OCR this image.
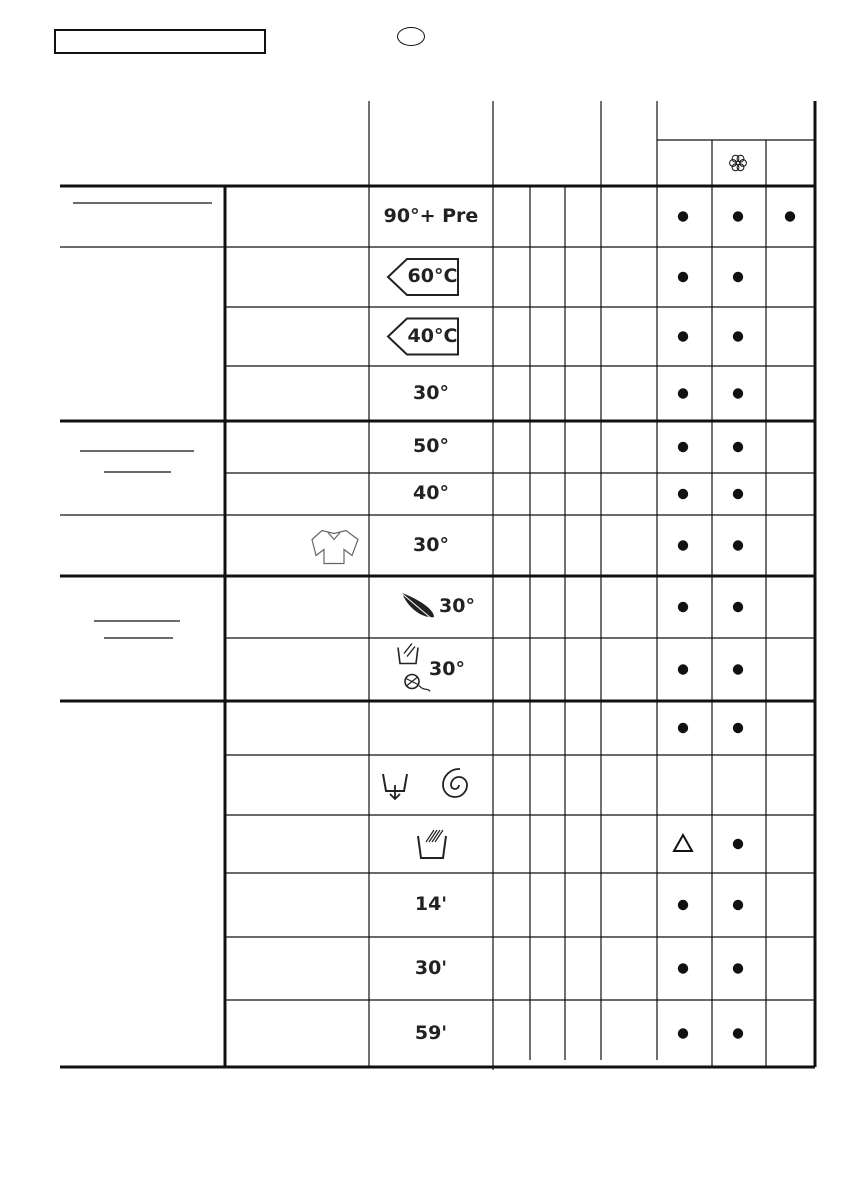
90°+ Pre
60°C
40°C
30°
50°
40°
30°
30°
30°
14'
30'
59'
